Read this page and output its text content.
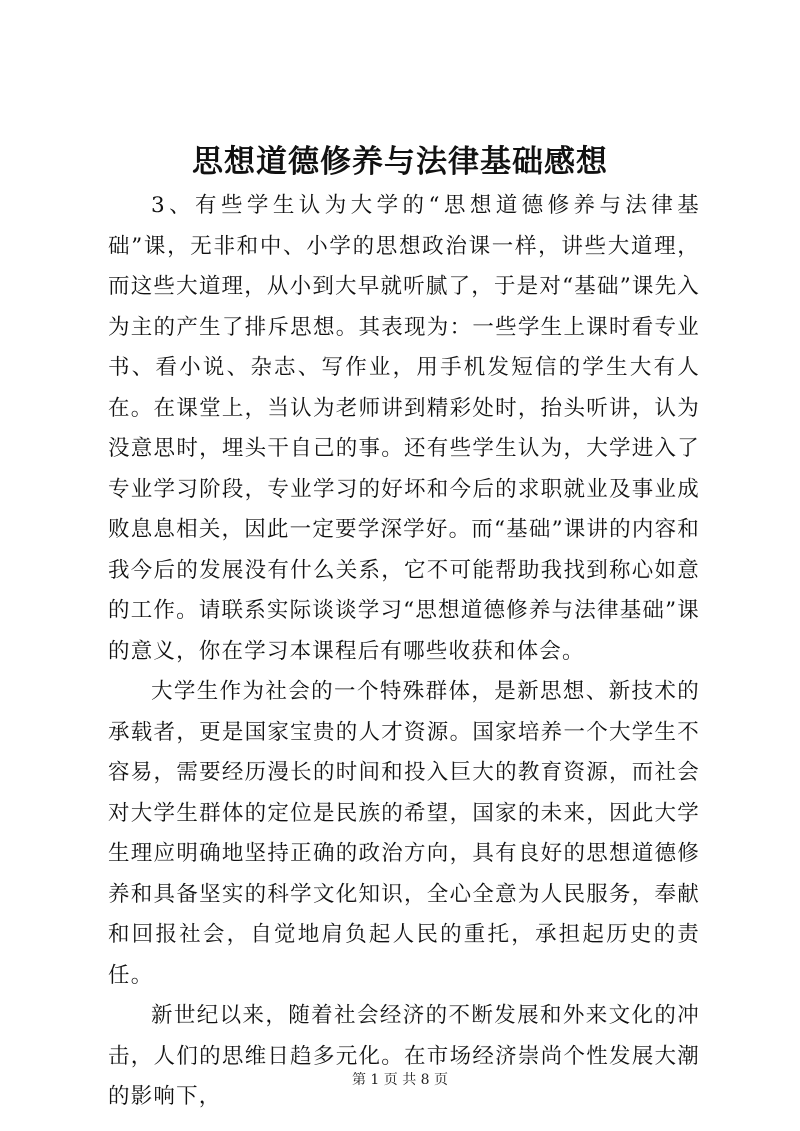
思想道德修养与法律基础感想

3、有些学生认为大学的“思想道德修养与法律基础”课，无非和中、小学的思想政治课一样，讲些大道理，而这些大道理，从小到大早就听腻了，于是对“基础”课先入为主的产生了排斥思想。其表现为：一些学生上课时看专业书、看小说、杂志、写作业，用手机发短信的学生大有人在。在课堂上，当认为老师讲到精彩处时，抬头听讲，认为没意思时，埋头干自己的事。还有些学生认为，大学进入了专业学习阶段，专业学习的好坏和今后的求职就业及事业成败息息相关，因此一定要学深学好。而“基础”课讲的内容和我今后的发展没有什么关系，它不可能帮助我找到称心如意的工作。请联系实际谈谈学习“思想道德修养与法律基础”课的意义，你在学习本课程后有哪些收获和体会。

大学生作为社会的一个特殊群体，是新思想、新技术的承载者，更是国家宝贵的人才资源。国家培养一个大学生不容易，需要经历漫长的时间和投入巨大的教育资源，而社会对大学生群体的定位是民族的希望，国家的未来，因此大学生理应明确地坚持正确的政治方向，具有良好的思想道德修养和具备坚实的科学文化知识，全心全意为人民服务，奉献和回报社会，自觉地肩负起人民的重托，承担起历史的责任。

新世纪以来，随着社会经济的不断发展和外来文化的冲击，人们的思维日趋多元化。在市场经济崇尚个性发展大潮的影响下，

第 1 页 共 8 页
